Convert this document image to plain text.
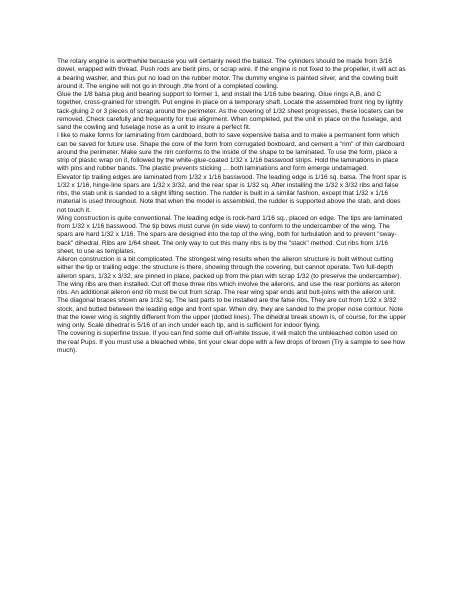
The rotary engine is worthwhile because you will certainly need the ballast. The cylinders should be made from 3/16 dowel, wrapped with thread. Push rods are bent pins, or scrap wire. If the engine is not fixed to the propeller, it will act as a bearing washer, and thus put no load on the rubber motor. The dummy engine is painted silver, and the cowling built around it. The engine will not go in through .the front of a completed cowling.

Glue the 1/8 balsa plug and bearing support to former 1, and install the 1/16 tube bearing. Glue rings A,B, and C together, cross-grained for strength. Put engine in place on a temporary shaft. Locate the assembled front ring by lightly tack-gluing 2 or 3 pieces of scrap around the perimeter. As the covering of 1/32 sheet progresses, these locaters can be removed. Check carefully and frequently for true alignment. When completed, put the unit in place on the fuselage, and sand the cowling and fuselage nose as a unit to insure a perfect fit.

I like to make forms for laminating from cardboard, both to save expensive balsa and to make a permanent form which can be saved for future use. Shape the core of the form from corrugated boxboard, and cement a "rim" of thin cardboard around the perimeter. Make sure the rim conforms to the inside of the shape to be laminated. To use the form, place a strip of plastic wrap on it, followed by the white-glue-coated 1/32 x 1/16 basswood strips. Hold the laminations in place with pins and rubber bands. The plastic prevents sticking ... both laminations and form emerge undamaged.

Elevator tip trailing edges are laminated from 1/32 x 1/16 basswood. The leading edge is 1/16 sq. balsa. The front spar is 1/32 x 1/16, hinge-line spars are 1/32 x 3/32, and the rear spar is 1/32 sq. After installing the 1/32 x 3/32 ribs and false ribs, the stab unit is sanded to a slight lifting section. The rudder is built in a similar fashion, except that 1/32 x 1/16 material is used throughout. Note that when the model is assembled, the rudder is supported above the stab, and does not touch it.

Wing construction is quite conventional. The leading edge is rock-hard 1/16 sq., placed on edge. The tips are laminated from 1/32 x 1/16 basswood. The tip bows must curve (in side view) to conform to the undercamber of the wing. The spars are hard 1/32 x 1/16. The spars are designed into the top of the wing, both for turbulation and to prevent "sway-back" dihedral. Ribs are 1/64 sheet. The only way to cut this many ribs is by the "stack" method. Cut ribs from 1/16 sheet, to use as templates.

Aileron construction is a bit complicated. The strongest wing results when the aileron structure is built without cutting either the tip or trailing edge: the structure is there, showing through the covering, but cannot operate. Two full-depth aileron spars, 1/32 x 3/32, are pinned in place, packed up from the plan with scrap 1/32 (to preserve the undercamber). The wing ribs are then installed. Cut off those three ribs which involve the ailerons, and use the rear portions as aileron ribs. An additional aileron end rib must be cut from scrap. The rear wing spar ends and butt-joins with the aileron unit. The diagonal braces shown are 1/32 sq. The last parts to be installed are the false ribs. They are cut from 1/32 x 3/32 stock, and butted between the leading edge and front spar. When dry, they are sanded to the proper nose contour. Note that the lower wing is slightly different from the upper (dotted lines). The dihedral break shown is, of course, for the upper wing only. Scale dihedral is 5/16 of an inch under each tip, and is sufficient for indoor flying.

The covering is superfine tissue. If you can find some dull off-white tissue, it will match the unbleached cotton used on the real Pups. If you must use a bleached white, tint your clear dope with a few drops of brown (Try a sample to see how much).
